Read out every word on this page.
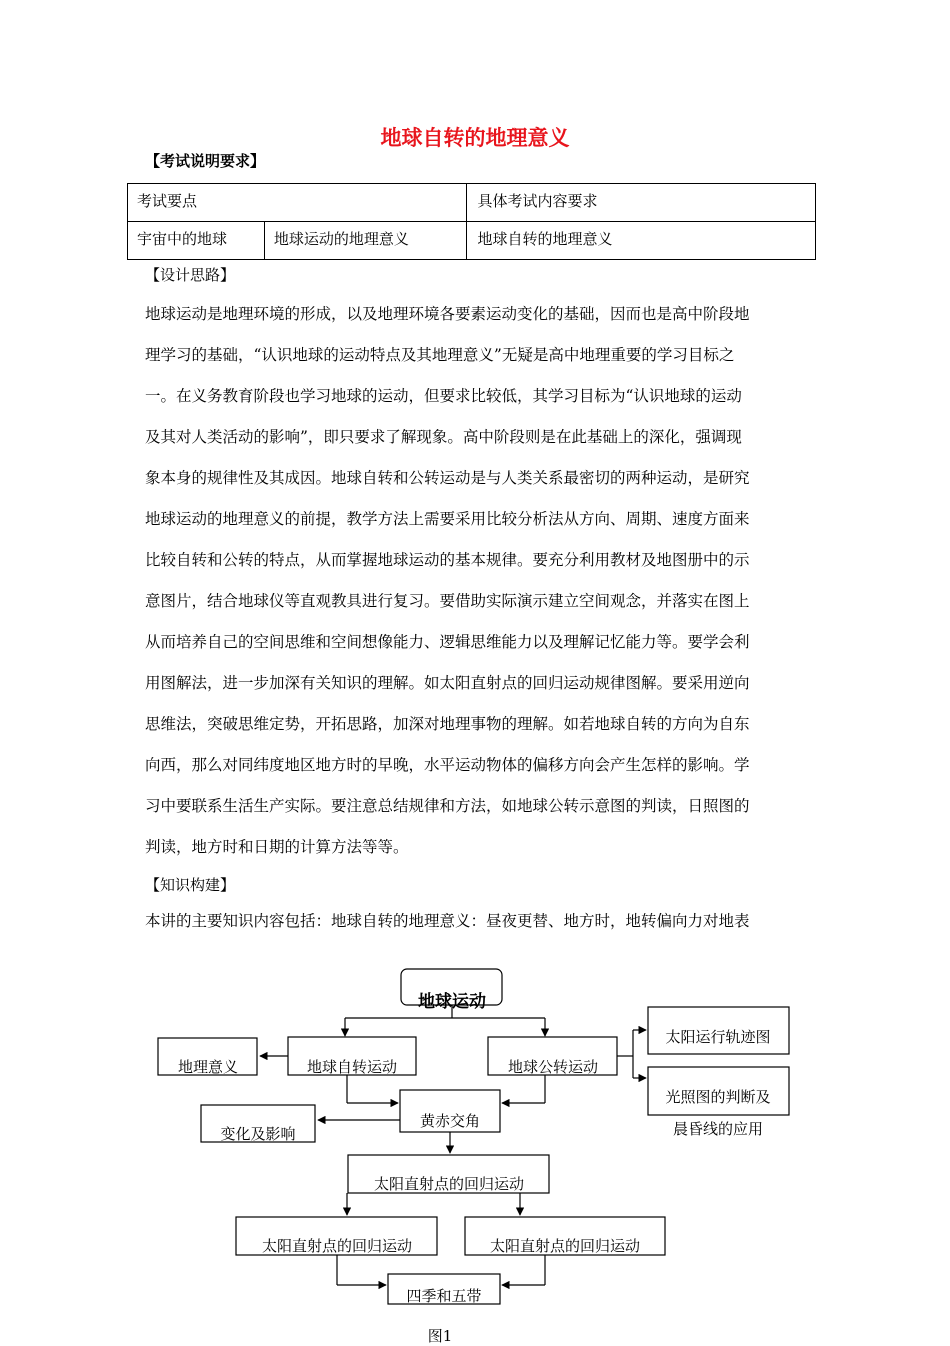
地球自转的地理意义
【考试说明要求】
考试要点		具体考试内容要求
宇宙中的地球	地球运动的地理意义	地球自转的地理意义
【设计思路】
地球运动是地理环境的形成，以及地理环境各要素运动变化的基础，因而也是高中阶段地
理学习的基础，“认识地球的运动特点及其地理意义”无疑是高中地理重要的学习目标之
一。在义务教育阶段也学习地球的运动，但要求比较低，其学习目标为“认识地球的运动
及其对人类活动的影响”，即只要求了解现象。高中阶段则是在此基础上的深化，强调现
象本身的规律性及其成因。地球自转和公转运动是与人类关系最密切的两种运动，是研究
地球运动的地理意义的前提，教学方法上需要采用比较分析法从方向、周期、速度方面来
比较自转和公转的特点，从而掌握地球运动的基本规律。要充分利用教材及地图册中的示
意图片，结合地球仪等直观教具进行复习。要借助实际演示建立空间观念，并落实在图上
从而培养自己的空间思维和空间想像能力、逻辑思维能力以及理解记忆能力等。要学会利
用图解法，进一步加深有关知识的理解。如太阳直射点的回归运动规律图解。要采用逆向
思维法，突破思维定势，开拓思路，加深对地理事物的理解。如若地球自转的方向为自东
向西，那么对同纬度地区地方时的早晚，水平运动物体的偏移方向会产生怎样的影响。学
习中要联系生活生产实际。要注意总结规律和方法，如地球公转示意图的判读，日照图的
判读，地方时和日期的计算方法等等。
【知识构建】
本讲的主要知识内容包括：地球自转的地理意义：昼夜更替、地方时，地转偏向力对地表
地球运动
地理意义	地球自转运动	地球公转运动
太阳运行轨迹图
光照图的判断及
晨昏线的应用
黄赤交角
变化及影响
太阳直射点的回归运动
太阳直射点的回归运动	太阳直射点的回归运动
四季和五带
图1
